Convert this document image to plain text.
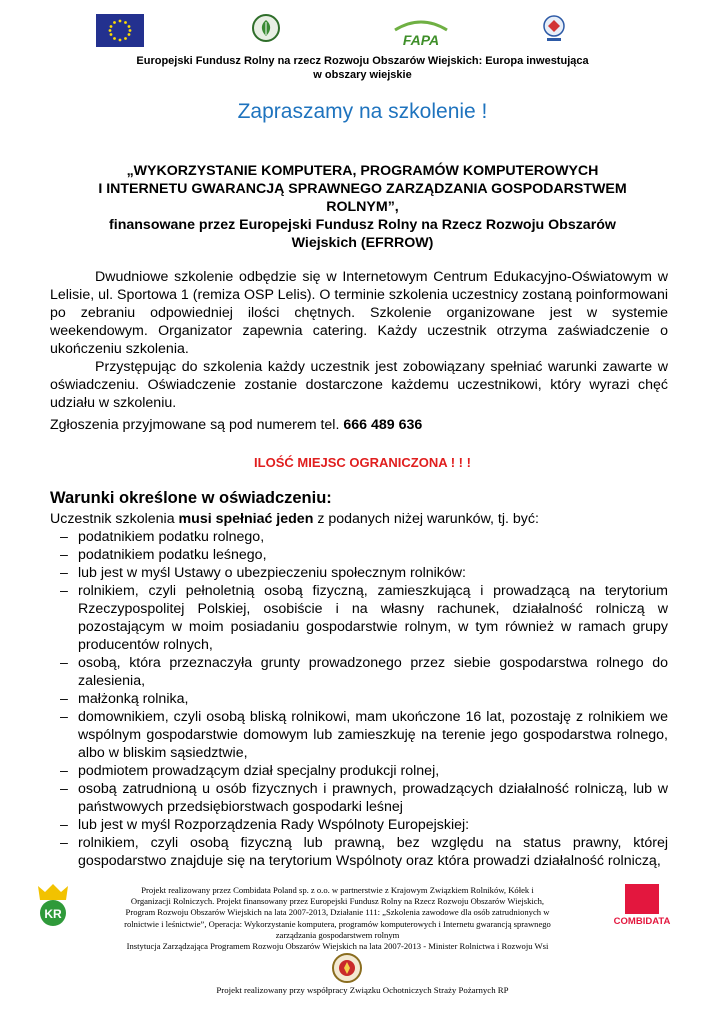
FAPA
Europejski Fundusz Rolny na rzecz Rozwoju Obszarów Wiejskich: Europa inwestująca
w obszary wiejskie
Zapraszamy na szkolenie !
„WYKORZYSTANIE KOMPUTERA, PROGRAMÓW KOMPUTEROWYCH
I INTERNETU GWARANCJĄ SPRAWNEGO ZARZĄDZANIA GOSPODARSTWEM
ROLNYM”,
finansowane przez Europejski Fundusz Rolny na Rzecz Rozwoju Obszarów
Wiejskich (EFRROW)

Dwudniowe szkolenie odbędzie się w Internetowym Centrum Edukacyjno-Oświatowym w Lelisie, ul. Sportowa 1 (remiza OSP Lelis). O terminie szkolenia uczestnicy zostaną poinformowani po zebraniu odpowiedniej ilości chętnych. Szkolenie organizowane jest w systemie weekendowym. Organizator zapewnia catering. Każdy uczestnik otrzyma zaświadczenie o ukończeniu szkolenia.

Przystępując do szkolenia każdy uczestnik jest zobowiązany spełniać warunki zawarte w oświadczeniu. Oświadczenie zostanie dostarczone każdemu uczestnikowi, który wyrazi chęć udziału w szkoleniu.

Zgłoszenia przyjmowane są pod numerem tel. 666 489 636

ILOŚĆ MIEJSC OGRANICZONA ! ! !
Warunki określone w oświadczeniu:
Uczestnik szkolenia musi spełniać jeden z podanych niżej warunków, tj. być:
– podatnikiem podatku rolnego,
– podatnikiem podatku leśnego,
– lub jest w myśl Ustawy o ubezpieczeniu społecznym rolników:
– rolnikiem, czyli pełnoletnią osobą fizyczną, zamieszkującą i prowadzącą na terytorium Rzeczypospolitej Polskiej, osobiście i na własny rachunek, działalność rolniczą w pozostającym w moim posiadaniu gospodarstwie rolnym, w tym również w ramach grupy producentów rolnych,
– osobą, która przeznaczyła grunty prowadzonego przez siebie gospodarstwa rolnego do zalesienia,
– małżonką rolnika,
– domownikiem, czyli osobą bliską rolnikowi, mam ukończone 16 lat, pozostaję z rolnikiem we wspólnym gospodarstwie domowym lub zamieszkuję na terenie jego gospodarstwa rolnego, albo w bliskim sąsiedztwie,
– podmiotem prowadzącym dział specjalny produkcji rolnej,
– osobą zatrudnioną u osób fizycznych i prawnych, prowadzących działalność rolniczą, lub w państwowych przedsiębiorstwach gospodarki leśnej
– lub jest w myśl Rozporządzenia Rady Wspólnoty Europejskiej:
– rolnikiem, czyli osobą fizyczną lub prawną, bez względu na status prawny, której gospodarstwo znajduje się na terytorium Wspólnoty oraz która prowadzi działalność rolniczą,
KR
Projekt realizowany przez Combidata Poland sp. z o.o. w partnerstwie z Krajowym Związkiem Rolników, Kółek i
Organizacji Rolniczych. Projekt finansowany przez Europejski Fundusz Rolny na Rzecz Rozwoju Obszarów Wiejskich,
Program Rozwoju Obszarów Wiejskich na lata 2007-2013, Działanie 111: „Szkolenia zawodowe dla osób zatrudnionych w
rolnictwie i leśnictwie”, Operacja: Wykorzystanie komputera, programów komputerowych i Internetu gwarancją sprawnego
zarządzania gospodarstwem rolnym
Instytucja Zarządzająca Programem Rozwoju Obszarów Wiejskich na lata 2007-2013 - Minister Rolnictwa i Rozwoju Wsi
COMBIDATA
Projekt realizowany przy współpracy Związku Ochotniczych Straży Pożarnych RP
